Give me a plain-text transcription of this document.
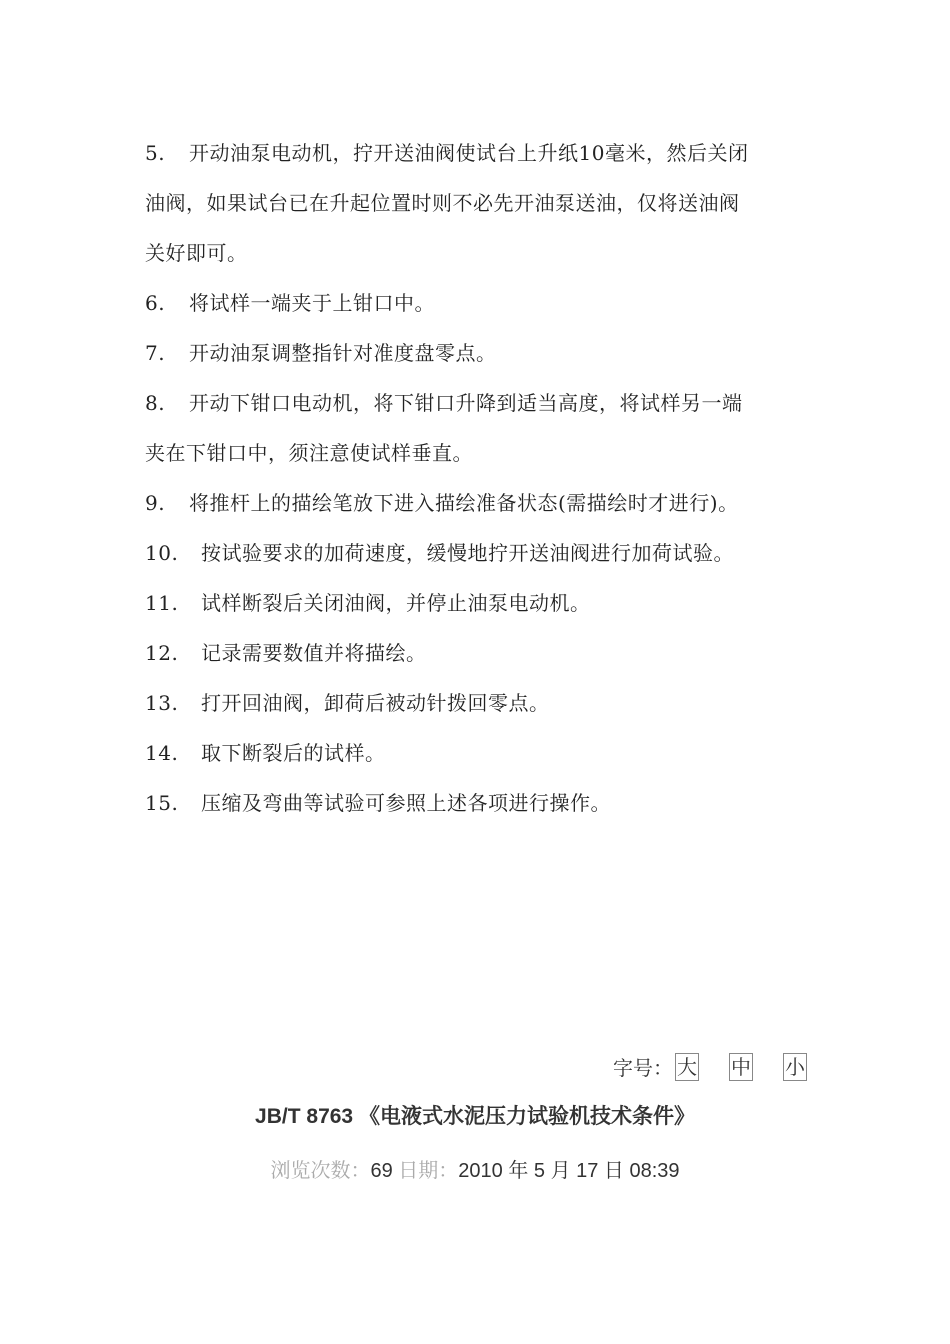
5. 开动油泵电动机，拧开送油阀使试台上升纸10毫米，然后关闭

油阀，如果试台已在升起位置时则不必先开油泵送油，仅将送油阀

关好即可。

6. 将试样一端夹于上钳口中。

7. 开动油泵调整指针对准度盘零点。

8. 开动下钳口电动机，将下钳口升降到适当高度，将试样另一端

夹在下钳口中，须注意使试样垂直。

9. 将推杆上的描绘笔放下进入描绘准备状态(需描绘时才进行)。

10. 按试验要求的加荷速度，缓慢地拧开送油阀进行加荷试验。

11. 试样断裂后关闭油阀，并停止油泵电动机。

12. 记录需要数值并将描绘。

13. 打开回油阀，卸荷后被动针拨回零点。

14. 取下断裂后的试样。

15. 压缩及弯曲等试验可参照上述各项进行操作。

字号： 大 中 小
JB/T 8763 《电液式水泥压力试验机技术条件》
浏览次数：69 日期：2010 年 5 月 17 日 08:39
